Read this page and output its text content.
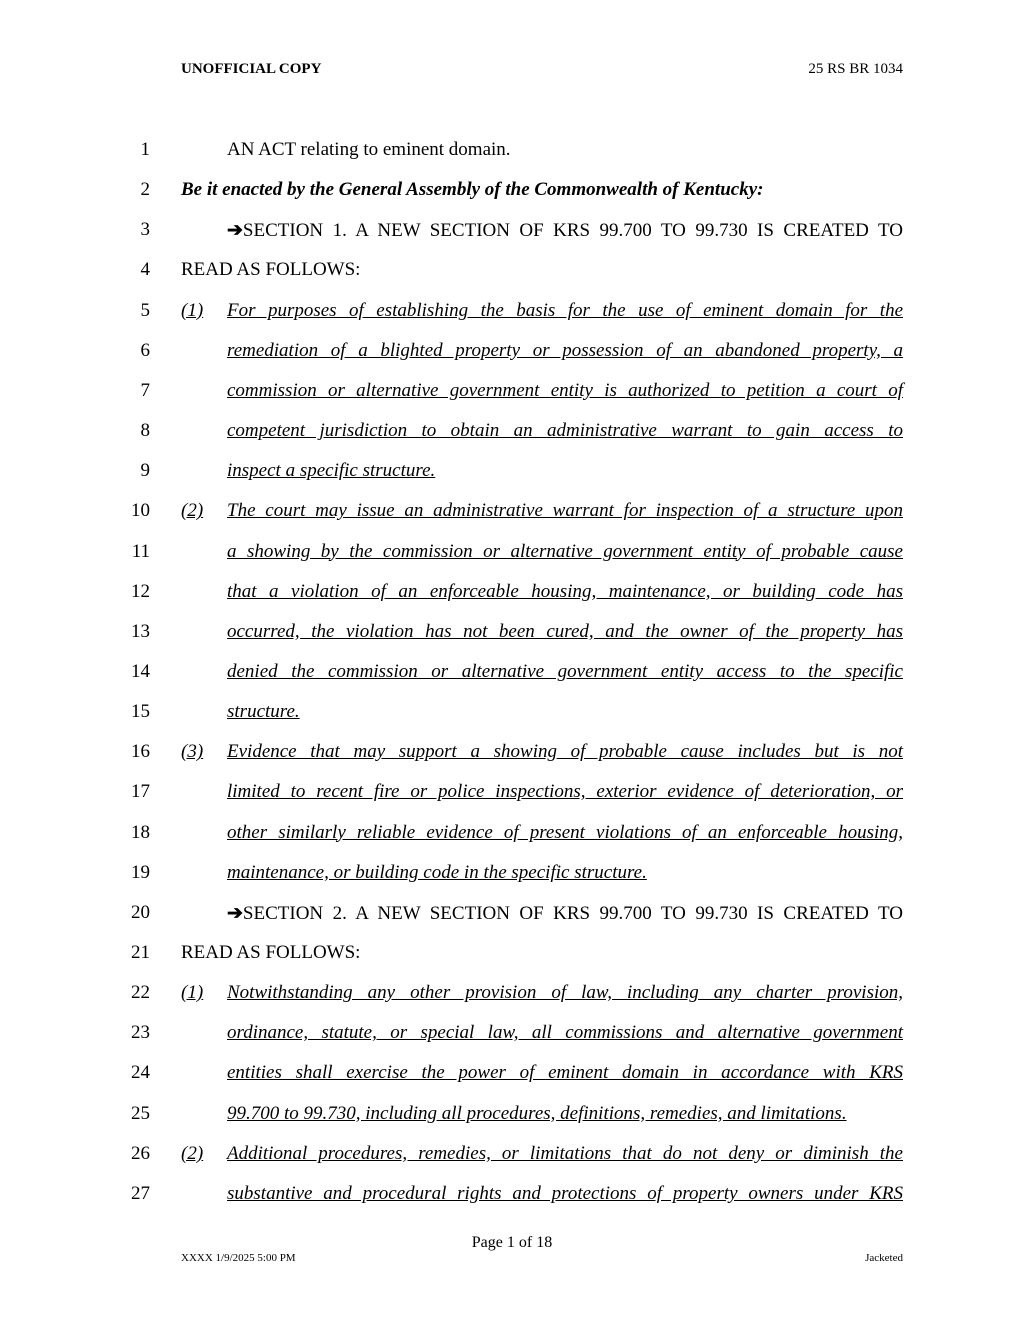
UNOFFICIAL COPY	25 RS BR 1034
1	AN ACT relating to eminent domain.
2 Be it enacted by the General Assembly of the Commonwealth of Kentucky:
3	➔SECTION 1. A NEW SECTION OF KRS 99.700 TO 99.730 IS CREATED TO
4 READ AS FOLLOWS:
5 (1) For purposes of establishing the basis for the use of eminent domain for the
6	remediation of a blighted property or possession of an abandoned property, a
7	commission or alternative government entity is authorized to petition a court of
8	competent jurisdiction to obtain an administrative warrant to gain access to
9	inspect a specific structure.
10 (2) The court may issue an administrative warrant for inspection of a structure upon
11	a showing by the commission or alternative government entity of probable cause
12	that a violation of an enforceable housing, maintenance, or building code has
13	occurred, the violation has not been cured, and the owner of the property has
14	denied the commission or alternative government entity access to the specific
15	structure.
16 (3) Evidence that may support a showing of probable cause includes but is not
17	limited to recent fire or police inspections, exterior evidence of deterioration, or
18	other similarly reliable evidence of present violations of an enforceable housing,
19	maintenance, or building code in the specific structure.
20	➔SECTION 2. A NEW SECTION OF KRS 99.700 TO 99.730 IS CREATED TO
21 READ AS FOLLOWS:
22 (1) Notwithstanding any other provision of law, including any charter provision,
23	ordinance, statute, or special law, all commissions and alternative government
24	entities shall exercise the power of eminent domain in accordance with KRS
25	99.700 to 99.730, including all procedures, definitions, remedies, and limitations.
26 (2) Additional procedures, remedies, or limitations that do not deny or diminish the
27	substantive and procedural rights and protections of property owners under KRS
Page 1 of 18
XXXX 1/9/2025 5:00 PM	Jacketed
